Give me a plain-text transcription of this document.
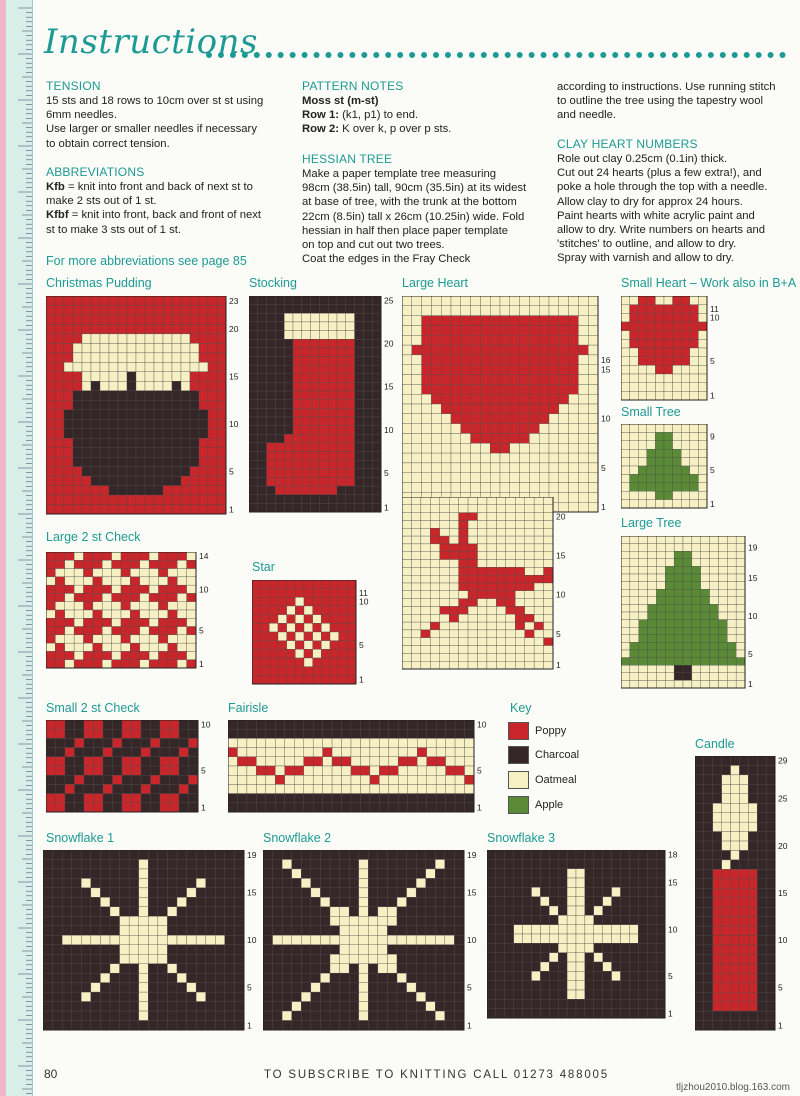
Instructions
TENSION
15 sts and 18 rows to 10cm over st st using
6mm needles.
Use larger or smaller needles if necessary
to obtain correct tension.
ABBREVIATIONS
Kfb = knit into front and back of next st to
make 2 sts out of 1 st.
Kfbf = knit into front, back and front of next
st to make 3 sts out of 1 st.
For more abbreviations see page 85
PATTERN NOTES
Moss st (m-st)
Row 1: (k1, p1) to end.
Row 2: K over k, p over p sts.
HESSIAN TREE
Make a paper template tree measuring
98cm (38.5in) tall, 90cm (35.5in) at its widest
at base of tree, with the trunk at the bottom
22cm (8.5in) tall x 26cm (10.25in) wide. Fold
hessian in half then place paper template
on top and cut out two trees.
Coat the edges in the Fray Check
according to instructions. Use running stitch
to outline the tree using the tapestry wool
and needle.
CLAY HEART NUMBERS
Role out clay 0.25cm (0.1in) thick.
Cut out 24 hearts (plus a few extra!), and
poke a hole through the top with a needle.
Allow clay to dry for approx 24 hours.
Paint hearts with white acrylic paint and
allow to dry. Write numbers on hearts and
'stitches' to outline, and allow to dry.
Spray with varnish and allow to dry.
Christmas Pudding	Stocking	Large Heart	Small Heart – Work also in B+A
Small Tree
Large Tree
Large 2 st Check
Star
Small 2 st Check	Fairisle	Key
Candle
Snowflake 1	Snowflake 2	Snowflake 3
23
20
15
10
5
1
25
20
15
10
5
1
16
15
10
5
1
11
10
5
1
9
5
1
20
15
10
5
1
19
15
10
5
1
14
10
5
1
11
10
5
1
10
5
1
10
5
1
29
25
20
15
10
5
1
19
15
10
5
1
19
15
10
5
1
18
15
10
5
1
Poppy
Charcoal
Oatmeal
Apple
80	TO SUBSCRIBE TO KNITTING CALL 01273 488005
tljzhou2010.blog.163.com
